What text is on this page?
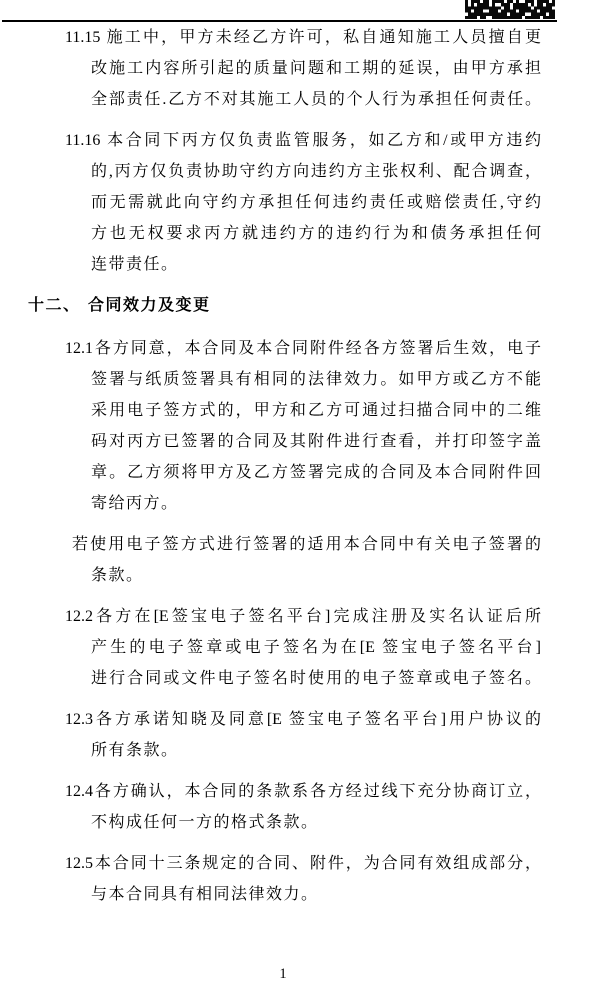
11.15 施工中，甲方未经乙方许可，私自通知施工人员擅自更
改施工内容所引起的质量问题和工期的延误，由甲方承担
全部责任.乙方不对其施工人员的个人行为承担任何责任。
11.16 本合同下丙方仅负责监管服务，如乙方和/或甲方违约
的,丙方仅负责协助守约方向违约方主张权利、配合调查，
而无需就此向守约方承担任何违约责任或赔偿责任,守约
方也无权要求丙方就违约方的违约行为和债务承担任何
连带责任。
十二、 合同效力及变更
12.1各方同意，本合同及本合同附件经各方签署后生效，电子
签署与纸质签署具有相同的法律效力。如甲方或乙方不能
采用电子签方式的，甲方和乙方可通过扫描合同中的二维
码对丙方已签署的合同及其附件进行查看，并打印签字盖
章。乙方须将甲方及乙方签署完成的合同及本合同附件回
寄给丙方。
若使用电子签方式进行签署的适用本合同中有关电子签署的
条款。
12.2各方在[E签宝电子签名平台]完成注册及实名认证后所
产生的电子签章或电子签名为在[E 签宝电子签名平台]
进行合同或文件电子签名时使用的电子签章或电子签名。
12.3各方承诺知晓及同意[E 签宝电子签名平台]用户协议的
所有条款。
12.4各方确认，本合同的条款系各方经过线下充分协商订立，
不构成任何一方的格式条款。
12.5本合同十三条规定的合同、附件，为合同有效组成部分，
与本合同具有相同法律效力。
1
